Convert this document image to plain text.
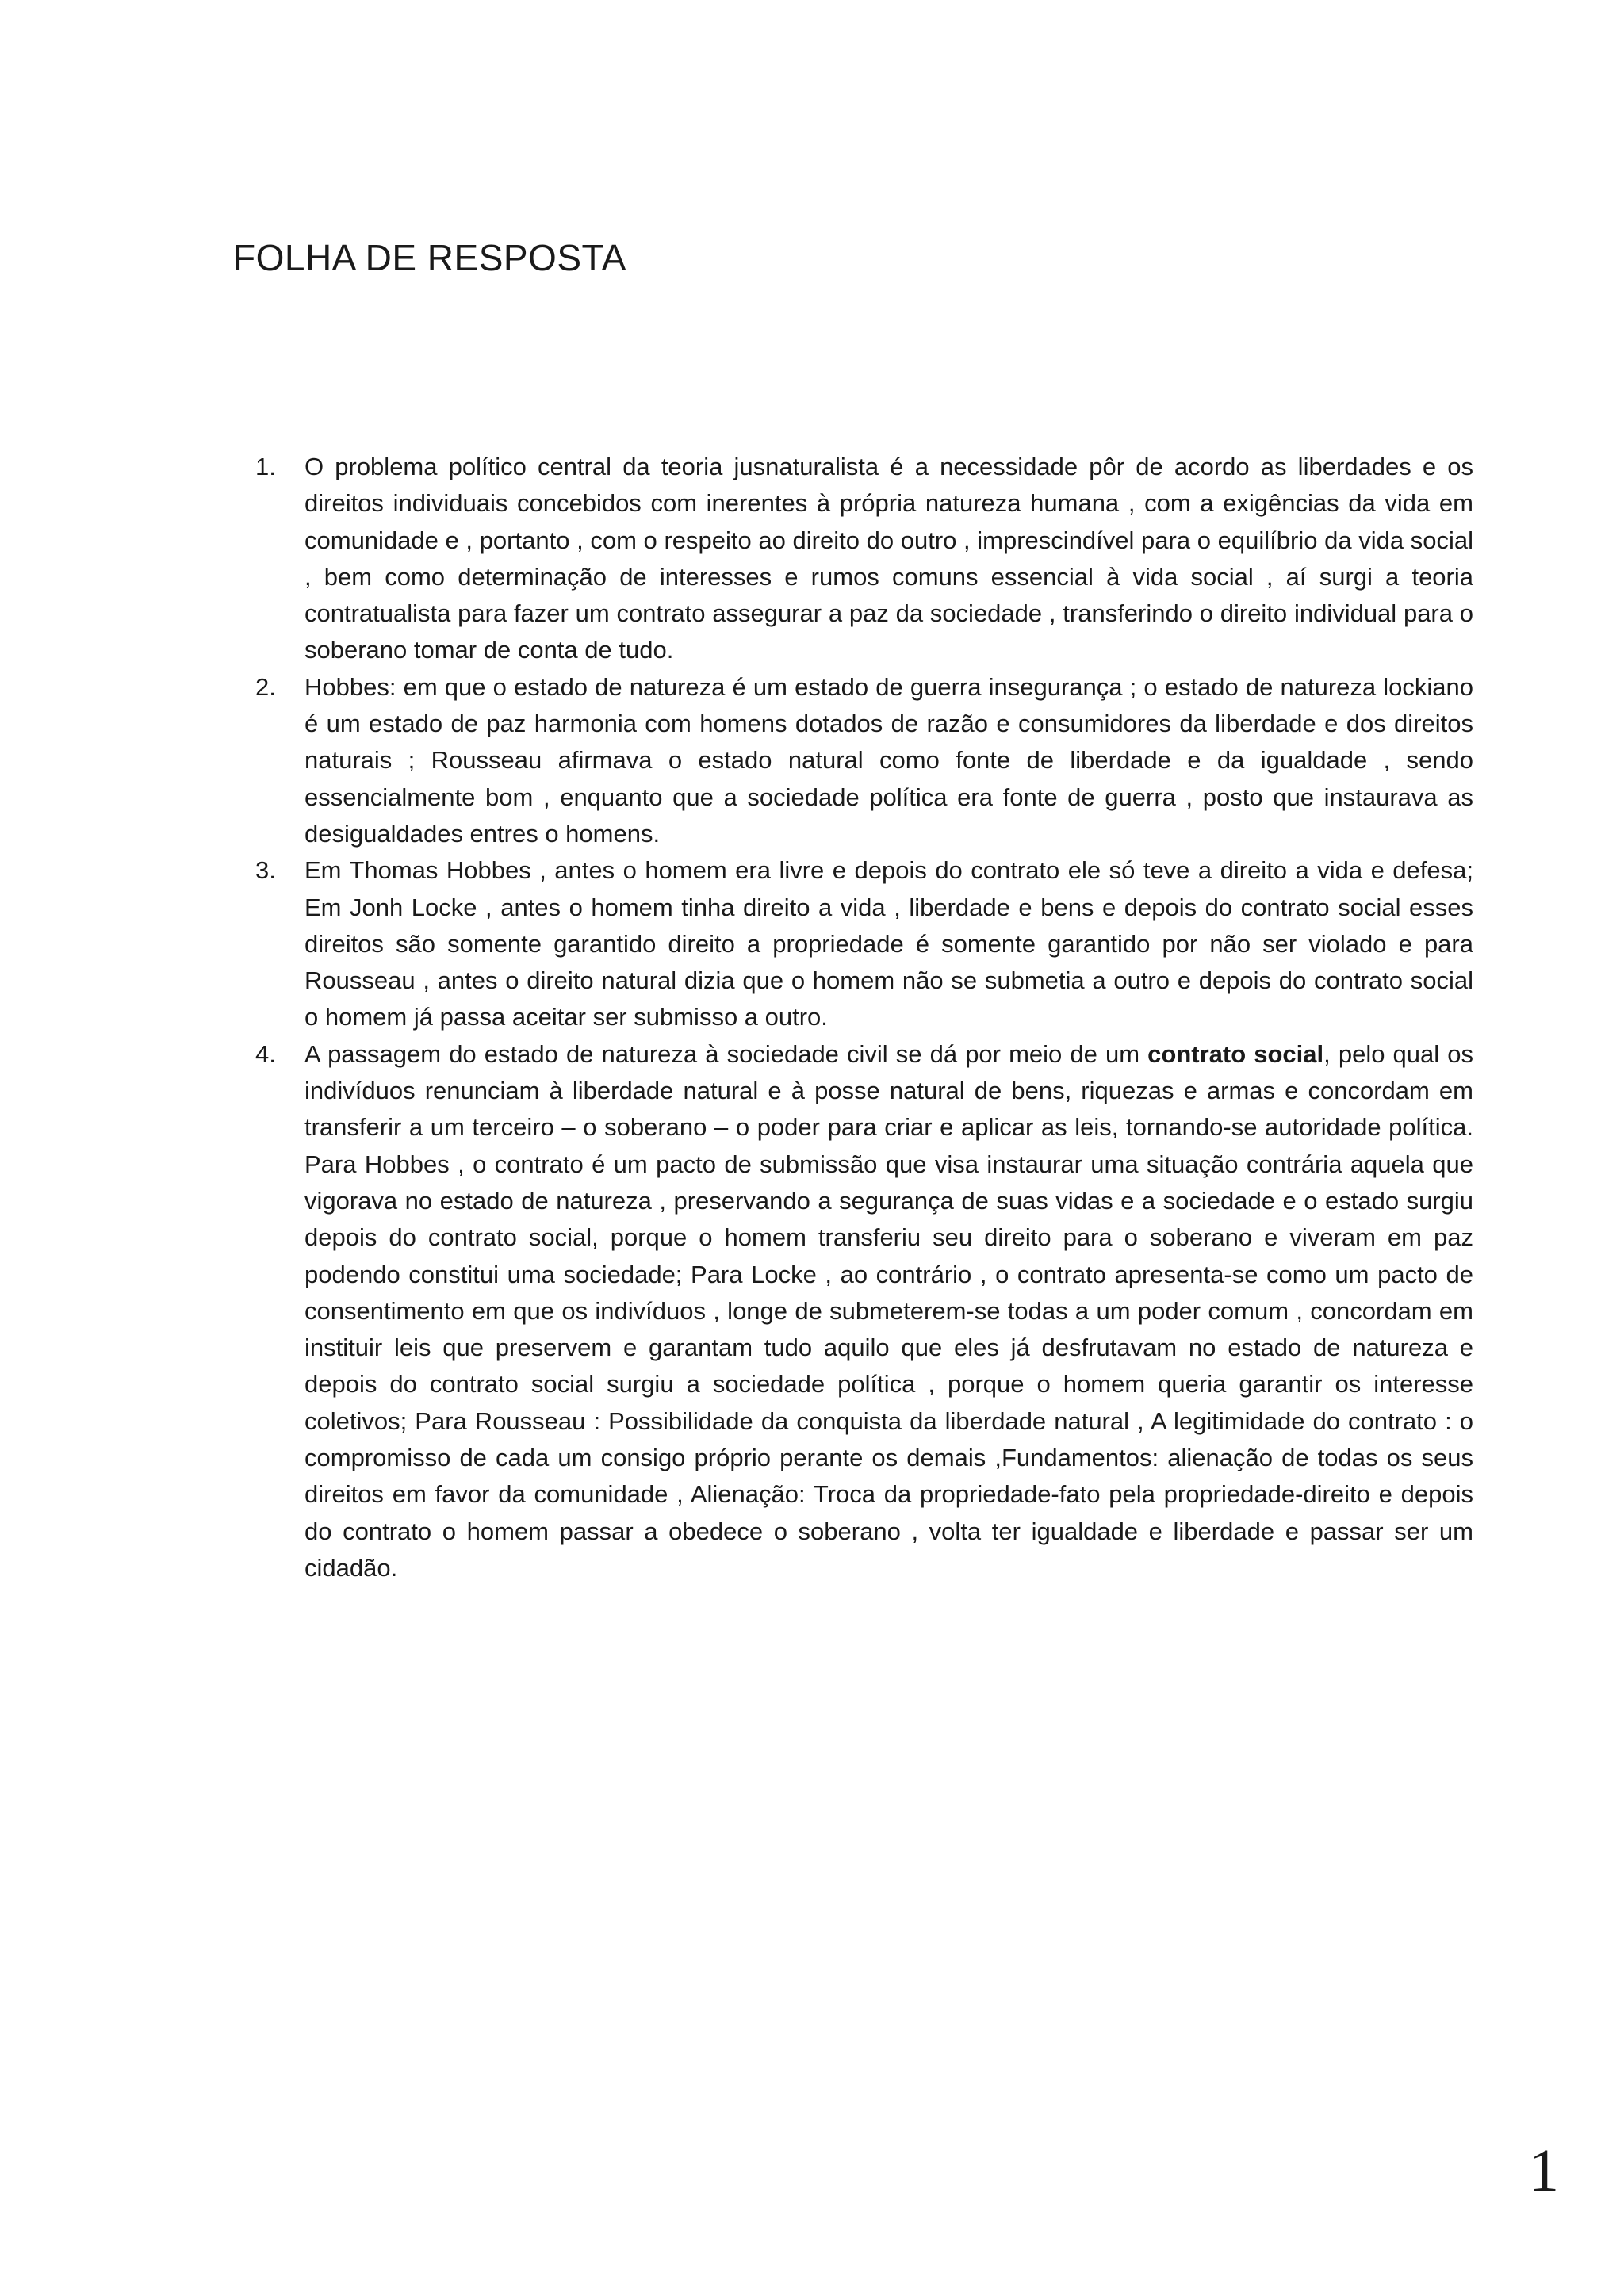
FOLHA DE RESPOSTA
1.	O problema político central da teoria jusnaturalista é a necessidade pôr de acordo as liberdades e os direitos individuais concebidos com inerentes à própria natureza humana , com a exigências da vida em comunidade e , portanto , com o respeito ao direito do outro , imprescindível para o equilíbrio da vida social , bem como determinação de interesses e rumos comuns essencial à vida social , aí surgi a teoria contratualista para fazer um contrato assegurar a paz da sociedade , transferindo o direito individual para o soberano tomar de conta de tudo.
2.	Hobbes: em que o estado de natureza é um estado de guerra insegurança ; o estado de natureza lockiano é um estado de paz harmonia com homens dotados de razão e consumidores da liberdade e dos direitos naturais ; Rousseau afirmava o estado natural como fonte de liberdade e da igualdade , sendo essencialmente bom , enquanto que a sociedade política era fonte de guerra , posto que instaurava as desigualdades entres o homens.
3.	Em Thomas Hobbes , antes o homem era livre e depois do contrato ele só teve a direito a vida e defesa; Em Jonh Locke , antes o homem tinha direito a vida , liberdade e bens e depois do contrato social esses direitos são somente garantido direito a propriedade é somente garantido por não ser violado e para Rousseau , antes o direito natural dizia que o homem não se submetia a outro e depois do contrato social o homem já passa aceitar ser submisso a outro.
4.	A passagem do estado de natureza à sociedade civil se dá por meio de um contrato social, pelo qual os indivíduos renunciam à liberdade natural e à posse natural de bens, riquezas e armas e concordam em transferir a um terceiro – o soberano – o poder para criar e aplicar as leis, tornando-se autoridade política. Para Hobbes , o contrato é um pacto de submissão que visa instaurar uma situação contrária aquela que vigorava no estado de natureza , preservando a segurança de suas vidas e a sociedade e o estado surgiu depois do contrato social, porque o homem transferiu seu direito para o soberano e viveram em paz podendo constitui uma sociedade; Para Locke , ao contrário , o contrato apresenta-se como um pacto de consentimento em que os indivíduos , longe de submeterem-se todas a um poder comum , concordam em instituir leis que preservem e garantam tudo aquilo que eles já desfrutavam no estado de natureza e depois do contrato social surgiu a sociedade política , porque o homem queria garantir os interesse coletivos; Para Rousseau : Possibilidade da conquista da liberdade natural , A legitimidade do contrato : o compromisso de cada um consigo próprio perante os demais ,Fundamentos: alienação de todas os seus direitos em favor da comunidade , Alienação: Troca da propriedade-fato pela propriedade-direito e depois do contrato o homem passar a obedece o soberano , volta ter igualdade e liberdade e passar ser um cidadão.
1
